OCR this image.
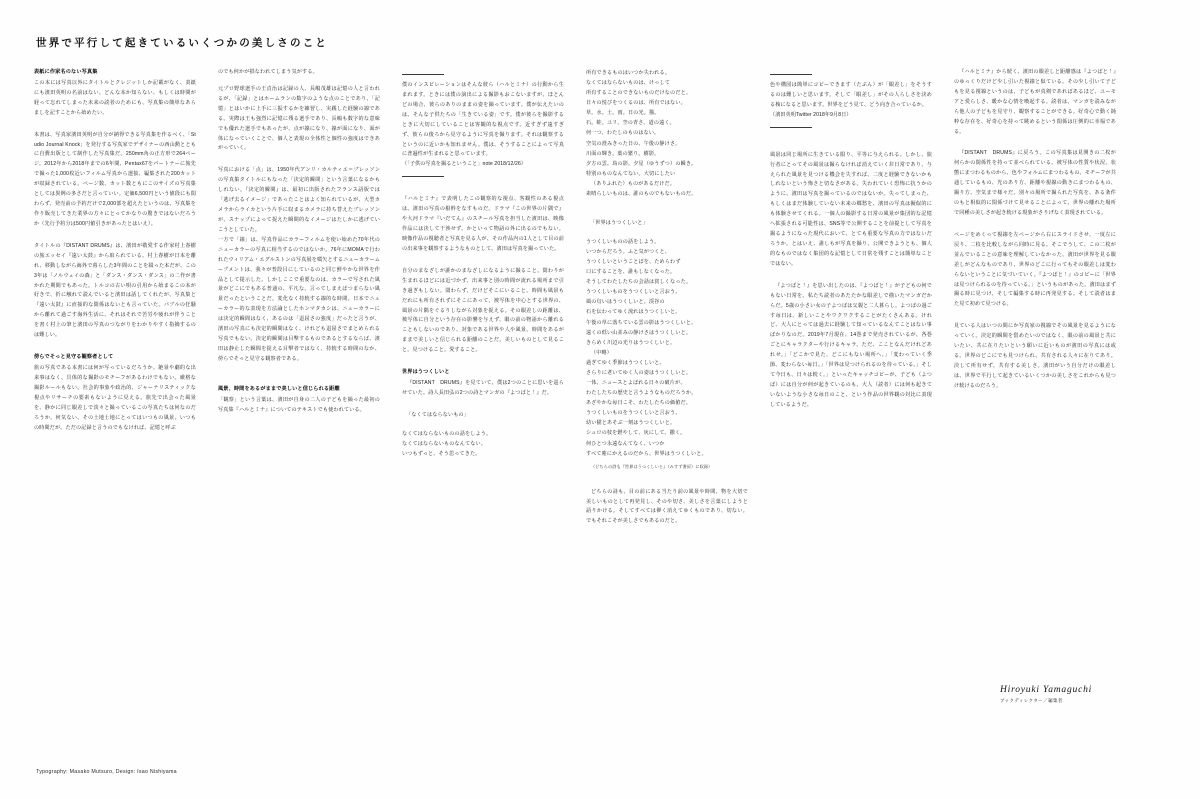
世界で平行して起きているいくつかの美しさのこと
表紙に作家名のない写真集

この本には写真以外にタイトルとクレジットしか記載がなく、表紙にも濱田英明の名前はない。どんな本か知らない、もしくは時間が経って忘れてしまった未来の読者のためにも、写真集の簡単なあらましを記すことから始めたい。

本書は、写真家濱田英明が自分が納得できる写真集を作るべく、「Studio Journal Knock」を発行する写真家でデザイナーの西山勲とともに自費出版として制作した写真集だ。250mm角の正方形で264ページ。2012年から2018年までの6年間、Pentax67をパートナーに旅先で撮った1,000枚近いフィルム写真から選抜、編集された200カットが収録されている。ページ数、カット数ともにこのサイズの写真集としては異例の多さだと言っていい。定価6,500円という値段にも関わらず、発売前の予約だけで2,000部を超えたというのは、写真集を作り販売してきた業界の方々にとってかなりの驚きではないだろうか（先行予約分は500円値引きがあったとはいえ）。

タイトルの『DISTANT DRUMS』は、濱田が敬愛する作家村上春樹の旅エッセイ『遠い太鼓』から取られている。村上春樹が日本を離れ、移動しながら海外で暮らした3年間のことを綴った本だが、この3年は「ノルウェイの森」と「ダンス・ダンス・ダンス」の二作が書かれた期間でもあった。トルコの古い唄の引用から始まるこの本が好きで、折に触れて読んでいると濱田は話してくれたが、写真集と『遠い太鼓』に直接的な関係はないとも言っていた。バブルの狂騒から離れて過ごす海外生活に、それはそれで苦労や疲れが伴うことを書く村上の筆と濱田の写真のつながりをわかりやすく指摘するのは難しい。

傍らでそっと見守る観察者として

旅の写真である本書には何が写っているだろうか。絶景や劇的な出来事はなく、具体的な撮影のモチーフがあるわけでもない。厳格な撮影ルールもない。社会的事象や政治的、ジャーナリスティックな視点やリサーチの要素もないように見える。旅先で出会った風景を、静かに同じ眼差しで淡々と撮っているこの写真たちは何なのだろうか。何気ない、その土地土地にとってはいつもの風景、いつもの時間だが、ただの記録と言うのでもなければ、記憶と呼ぶ

のでも何かが損なわれてしまう気がする。

元プロ野球選手の王貞治は記録の人、長嶋茂雄は記憶の人と言われるが、「記録」とはホームランの数字のような点のことであり、「記憶」とはいかに上手に三振するかを練習し、実践した経験の線である。実際は王も強烈に記憶に残る選手であり、長嶋も数字的な意味でも優れた選手でもあったが、点が線になり、線が面になり、面が体になっていくことで、個人と表現の全体性と個性の強度はできあがっていく。

写真における「点」は、1950年代アンリ・カルティエ＝ブレッソンの写真集タイトルにもなった「決定的瞬間」という言葉になるかもしれない。『決定的瞬間』は、最初に出版されたフランス語版では「逃げ去るイメージ」であったことはよく知られているが、大型カメラからライカという片手に収まるカメラに持ち替えたブレッソンが、スナップによって捉えた瞬間的なイメージはたしかに逃げていこうとしていた。

一方で「線」は、写真作品にカラーフィルムを使い始めた70年代のニューカラーの写真に相当するのではないか。76年にMOMAで行われたウィリアム・エグルストンの写真展を嚆矢とするニューカラームーブメントは、我々が普段目にしているのと同じ鮮やかな世界を作品として提示した。しかしここで重要なのは、カラーで写された風景がどこにでもある普通の、平凡な、言ってしまえばつまらない風景だったということだ。変化なく持続する線的な時間。日本でニューカラー的な表現を方法論としたホンマタカシは、ニューカラーには決定的瞬間はなく、あるのは「退屈さの強度」だったと言うが、濱田の写真にも決定的瞬間はなく、けれども退屈さでまとめられる写真でもない。決定的瞬間は目撃するものであるとするならば、濱田は静止した瞬間を捉える目撃者ではなく、持続する時間のなか、傍らでそっと見守る観察者である。

風景、時間をあるがままで美しいと信じられる距離

「観察」という言葉は、濱田が自身の二人の子どもを撮った最初の写真集『ハルとミナ』についてのテキストでも使われている。

僕のインスピレーションはそんな彼ら（ハルとミナ）の行動から生まれます。ときには僕の演出による撮影もおこないますが、ほとんどの場合、彼らのありのままの姿を撮っています。僕が伝えたいのは、そんな子供たちの「生きている姿」です。僕が彼らを撮影するときに大切にしていることは客観的な視点です。近すぎず遠すぎず、彼らの後ろから見守るように写真を撮ります。それは観察するというのに近いかも知れません。僕は、そうすることによって写真に普遍性が生まれると思っています。

（「子供の写真を撮るということ」note 2018/12/26）

『ハルとミナ』で表明したこの観察的な視点、客観性のある視点は、濱田の写真の根幹をなすものだ。ドラマ『この世界の片隅で』や大河ドラマ『いだてん』のスチール写真を担当した濱田は、映像作品には決して干渉せず、かといって物語の外に出るのでもない。映像作品の視聴者と写真を見る人が、その作品内の1人として目の前の出来事を観察するようなものとして、濱田は写真を撮っていた。

自分のまなざしが誰かのまなざしになるように撮ること。関わりが生まれるほどには近づかず、出来事と別の時間が流れる場所まで引き過ぎもしない。関わらず、だけどそこにいること。時間も風景もだれにも所有されずにそこにあって、被写体を中心とする世界の、風景の片隅をぐるりしながら対象を捉える。その眼差しの距離は、被写体に自分という存在の影響を与えず、眼の前の物語から離れることもしないのであり、対象である世界や人や風景、時間をあるがままで美しいと信じられる距離のことだ。美しいものとして見ること。見つけること。愛すること。

世界はうつくしいと

『DISTANT　DRUMS』を見ていて、僕は2つのことに思いを巡らせていた。詩人長田弘の2つの詩とマンガの『よつばと！』だ。

「なくてはならないもの」

なくてはならないものの話をしよう。

なくてはならないものなんてない。

いつもずっと、そう思ってきた。

所有できるものはいつか失われる。

なくてはならないものは、けっして

所有することのできないものだけなのだと。

日々の悦びをつくるのは、所有ではない。

草。水。土。雨。日の光。猫。

石。蛙。ユリ。空の青さ。道の遠く。

何一つ、わたしのものはない。

空気の澄みきった日の、午後の静けさ。

川面の輝き。葉の繁り。樹影。

夕方の雲。鳥の影。夕星（ゆうずつ）の瞬き。

特別のものなんてない。大切にしたい

（ありふれた）ものがあるだけだ。

素晴らしいものは、誰のものでもないものだ。

「世界はうつくしいと」

うつくしいものの話をしよう。

いつからだろう。ふと気がつくと、

うつくしいということばを、ためらわず

口にすることを、誰もしなくなった。

そうしてわたしたちの会話は貧しくなった。

うつくしいものをうつくしいと言おう。

風の匂いはうつくしいと。渓谷の

石を伝わってゆく流れはうつくしいと。

午後の草に落ちている雲の影はうつくしいと。

遠くの低い山並みの静けさはうつくしいと。

きらめく川辺の光りはうつくしいと。

（中略）

過ぎてゆく季節はうつくしいと。

さらりに老いてゆく人の姿はうつくしいと。

一体、ニュースとよばれる日々の破片が、

わたしたちの歴史と言うようなものだろうか。

あざやかな毎日こそ、わたしたちの価値だ。

うつくしいものをうつくしいと言おう。

幼い猫とあそぶ一刻はうつくしいと。

シュロの枝を燃やして、灰にして、撒く。

何ひとつ永遠なんてなく、いつか

すべて塵にかえるのだから、世界はうつくしいと。

（どちらの詩も『世界はうつくしいと』（みすず書房）に収録）

どちらの詩も、目の前にある当たり前の風景や時間、物を大切で美しいものとして再発見し、そのや切さ、美しさを言葉にしようと語りかける。そしてすべては儚く消えてゆくものであり、切ない。でもそれこそが美しさでもあるのだと。

色や構図は簡単にコピーできます（たぶん）が「眼差し」をそうするのは難しいと思います。そして「眼差し」がその人らしさを決める核になると思います。世界をどう見て、どう向き合っているか。

（濱田英明Twitter 2018年9月8日）

風景は同じ場所に生きている限り、平等に与えられる。しかし、旅行者にとってその風景は撮らなければ消えていく非日常であり、与えられた風景を見つける機会を失すれば、二度と経験できないかもしれないという怖さと切なさがある。失われていく恐怖に抗うかのように、濱田は写真を撮っているのではないか。失ってしまった、もしくはまだ体験していない未来の郷愁を、濱田の写真は擬似的にも体験させてくれる。一個人の撮影する日常の風景が集団的な記憶へ拡張される可能性は、SNS等で公開することを前提として写真を撮るようになった現代において、とても重要な写真の力ではないだろうか。とはいえ、誰しもが写真を撮り、公開できようとも、個人的なものではなく集団的な記憶として日常を残すことは簡単なことではない。

『よつばと！』を思い出したのは、『よつばと！』が子どもの何でもない日常を、私たち読者のあたたかな眼差しで描いたマンガだからだ。5歳の小さい女の子よつばは父親と二人暮らし。よつばの過ごす毎日は、新しいことやワクワクすることがたくさんある。けれど、大人にとっては過去に経験して知っているなんてことはない事ばかりなのだ。2019年7月現在、14巻まで発売されているが、各巻ごとにキャラクターや行けるキャラ、ただ、こことなんだけれどあれせ。」「どこかで見た、どこにもない場所へ。」「変わっていく季節、変わらない毎日。」「世界は見つけられるのを待っている。」そして今日も、日々は続く。」といったキャッチコピーが、子ども（よつば）には自分が何が起きているのも、大人（読者）には何も起きていないような小さな毎日のこと、という作品の世界観の対比に表現しているようだ。

『ハルとミナ』から続く、濱田の眼差しと距離感は『よつばと！』のゆっくりだけど少し引いた視線と似ている。その少し引いて子どもを見る視線というのは、子どもが真剣であればあるほど、ユーモアと愛らしさ、暖かな心情を喚起する。読者は、マンガを読みながら他人の子どもを見守り、観察することができる。好奇心で動く純粋な存在を、好奇心を持って眺めるという関係は圧倒的に幸福である。

『DISTANT　DRUMS』に戻ろう。この写真集は見開きの二枚が何らかの関係性を持って並べられている。被写体の性質や状況、状態にまつわるものから、色やフォルムにまつわるもの、モチーフが共通しているもの、光のあり方、距離や視線の動きにまつわるもの、撮り方、空気まで様々だ。別々の場所で撮られた写真を、ある条件のもと相似的に関係づけて見せることによって、世界の離れた場所で同種の美しさが起き続ける現象がさりげなく表現されている。

ページをめくって視線を左ページから右にスライドさせ、一度左に戻り、二枚を比較しながら同時に見る。そこでうして、この二枚が並んでいることの意味を理解していなかった、濱田が世界を見る眼差しがどんなものであり、世界のどこに行ってもその眼差しは変わらないということに気づいていく。『よつばと！』のコピーに「世界は見つけられるのを待っている。」というものがあった。濱田はまず撮る時に見つけ、そして編集する時に再発見する。そして読者はまた見て初めて見つける。

見ている人はいつの間にか写真家の視線でその風景を見るようになっていく。決定的瞬間を留めたいのではなく、眼の前の風景と共にいたい、共に在りたいという願いに近いものが濱田の写真には或る。世界のどこにでも見つけられ、共有される人々に在りてあり。決して所有せず、共有する美しさ。濱田がいう自分だけの眼差しは、世界で平行して起きているいくつかの美しさをこれからも見つけ続けるのだろう。

Hiroyuki Yamaguchi

ブックディレクター／編集者

Typography: Masako Mutsuro, Design: Isao Nishiyama
